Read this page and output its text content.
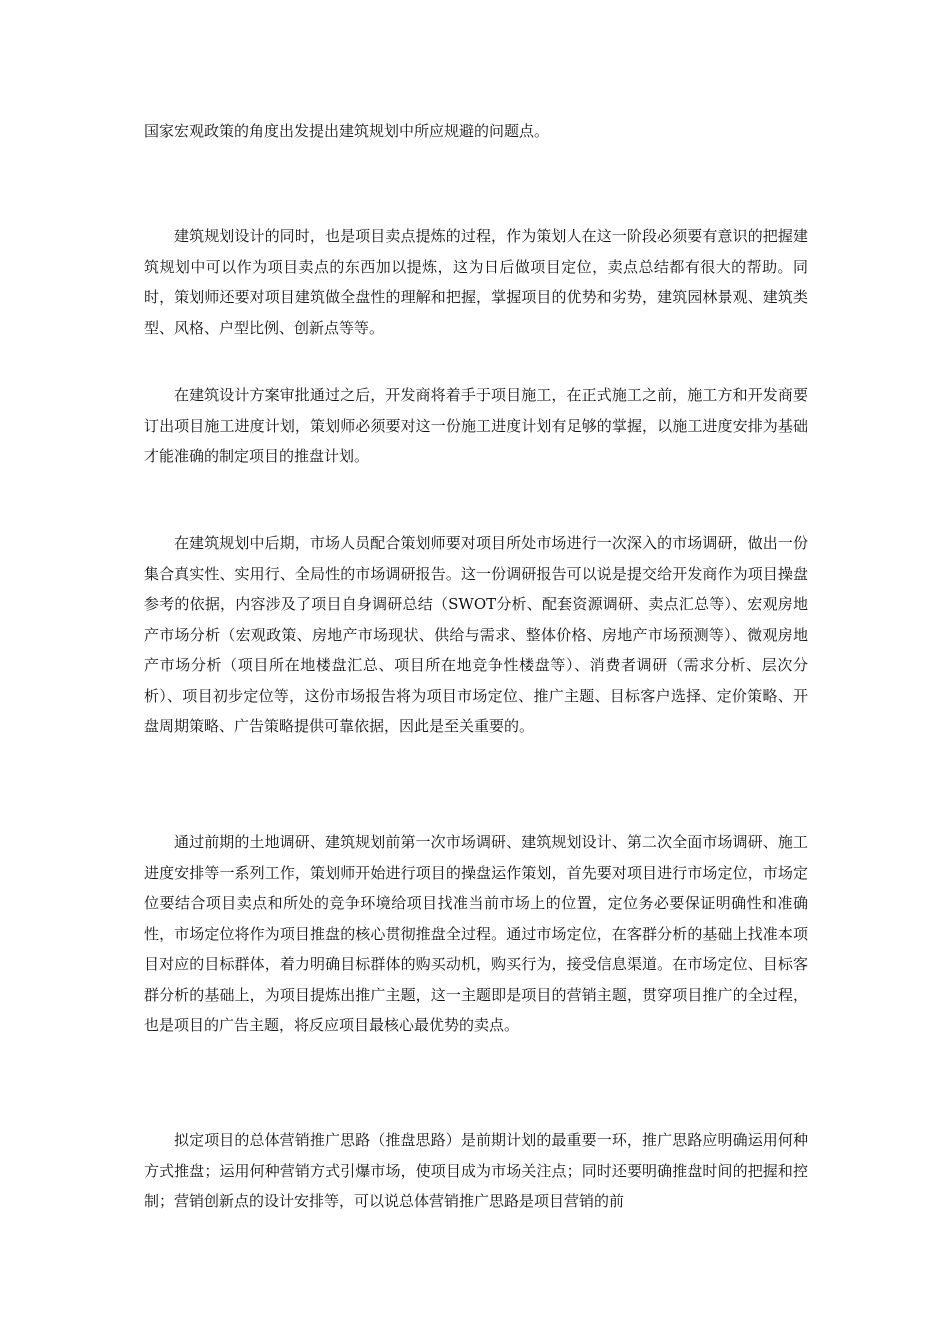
国家宏观政策的角度出发提出建筑规划中所应规避的问题点。

建筑规划设计的同时，也是项目卖点提炼的过程，作为策划人在这一阶段必须要有意识的把握建筑规划中可以作为项目卖点的东西加以提炼，这为日后做项目定位，卖点总结都有很大的帮助。同时，策划师还要对项目建筑做全盘性的理解和把握，掌握项目的优势和劣势，建筑园林景观、建筑类型、风格、户型比例、创新点等等。

在建筑设计方案审批通过之后，开发商将着手于项目施工，在正式施工之前，施工方和开发商要订出项目施工进度计划，策划师必须要对这一份施工进度计划有足够的掌握，以施工进度安排为基础才能准确的制定项目的推盘计划。

在建筑规划中后期，市场人员配合策划师要对项目所处市场进行一次深入的市场调研，做出一份集合真实性、实用行、全局性的市场调研报告。这一份调研报告可以说是提交给开发商作为项目操盘参考的依据，内容涉及了项目自身调研总结（SWOT分析、配套资源调研、卖点汇总等）、宏观房地产市场分析（宏观政策、房地产市场现状、供给与需求、整体价格、房地产市场预测等）、微观房地产市场分析（项目所在地楼盘汇总、项目所在地竞争性楼盘等）、消费者调研（需求分析、层次分析）、项目初步定位等，这份市场报告将为项目市场定位、推广主题、目标客户选择、定价策略、开盘周期策略、广告策略提供可靠依据，因此是至关重要的。

通过前期的土地调研、建筑规划前第一次市场调研、建筑规划设计、第二次全面市场调研、施工进度安排等一系列工作，策划师开始进行项目的操盘运作策划，首先要对项目进行市场定位，市场定位要结合项目卖点和所处的竞争环境给项目找准当前市场上的位置，定位务必要保证明确性和准确性，市场定位将作为项目推盘的核心贯彻推盘全过程。通过市场定位，在客群分析的基础上找准本项目对应的目标群体，着力明确目标群体的购买动机，购买行为，接受信息渠道。在市场定位、目标客群分析的基础上，为项目提炼出推广主题，这一主题即是项目的营销主题，贯穿项目推广的全过程，也是项目的广告主题，将反应项目最核心最优势的卖点。

拟定项目的总体营销推广思路（推盘思路）是前期计划的最重要一环，推广思路应明确运用何种方式推盘；运用何种营销方式引爆市场，使项目成为市场关注点；同时还要明确推盘时间的把握和控制；营销创新点的设计安排等，可以说总体营销推广思路是项目营销的前
